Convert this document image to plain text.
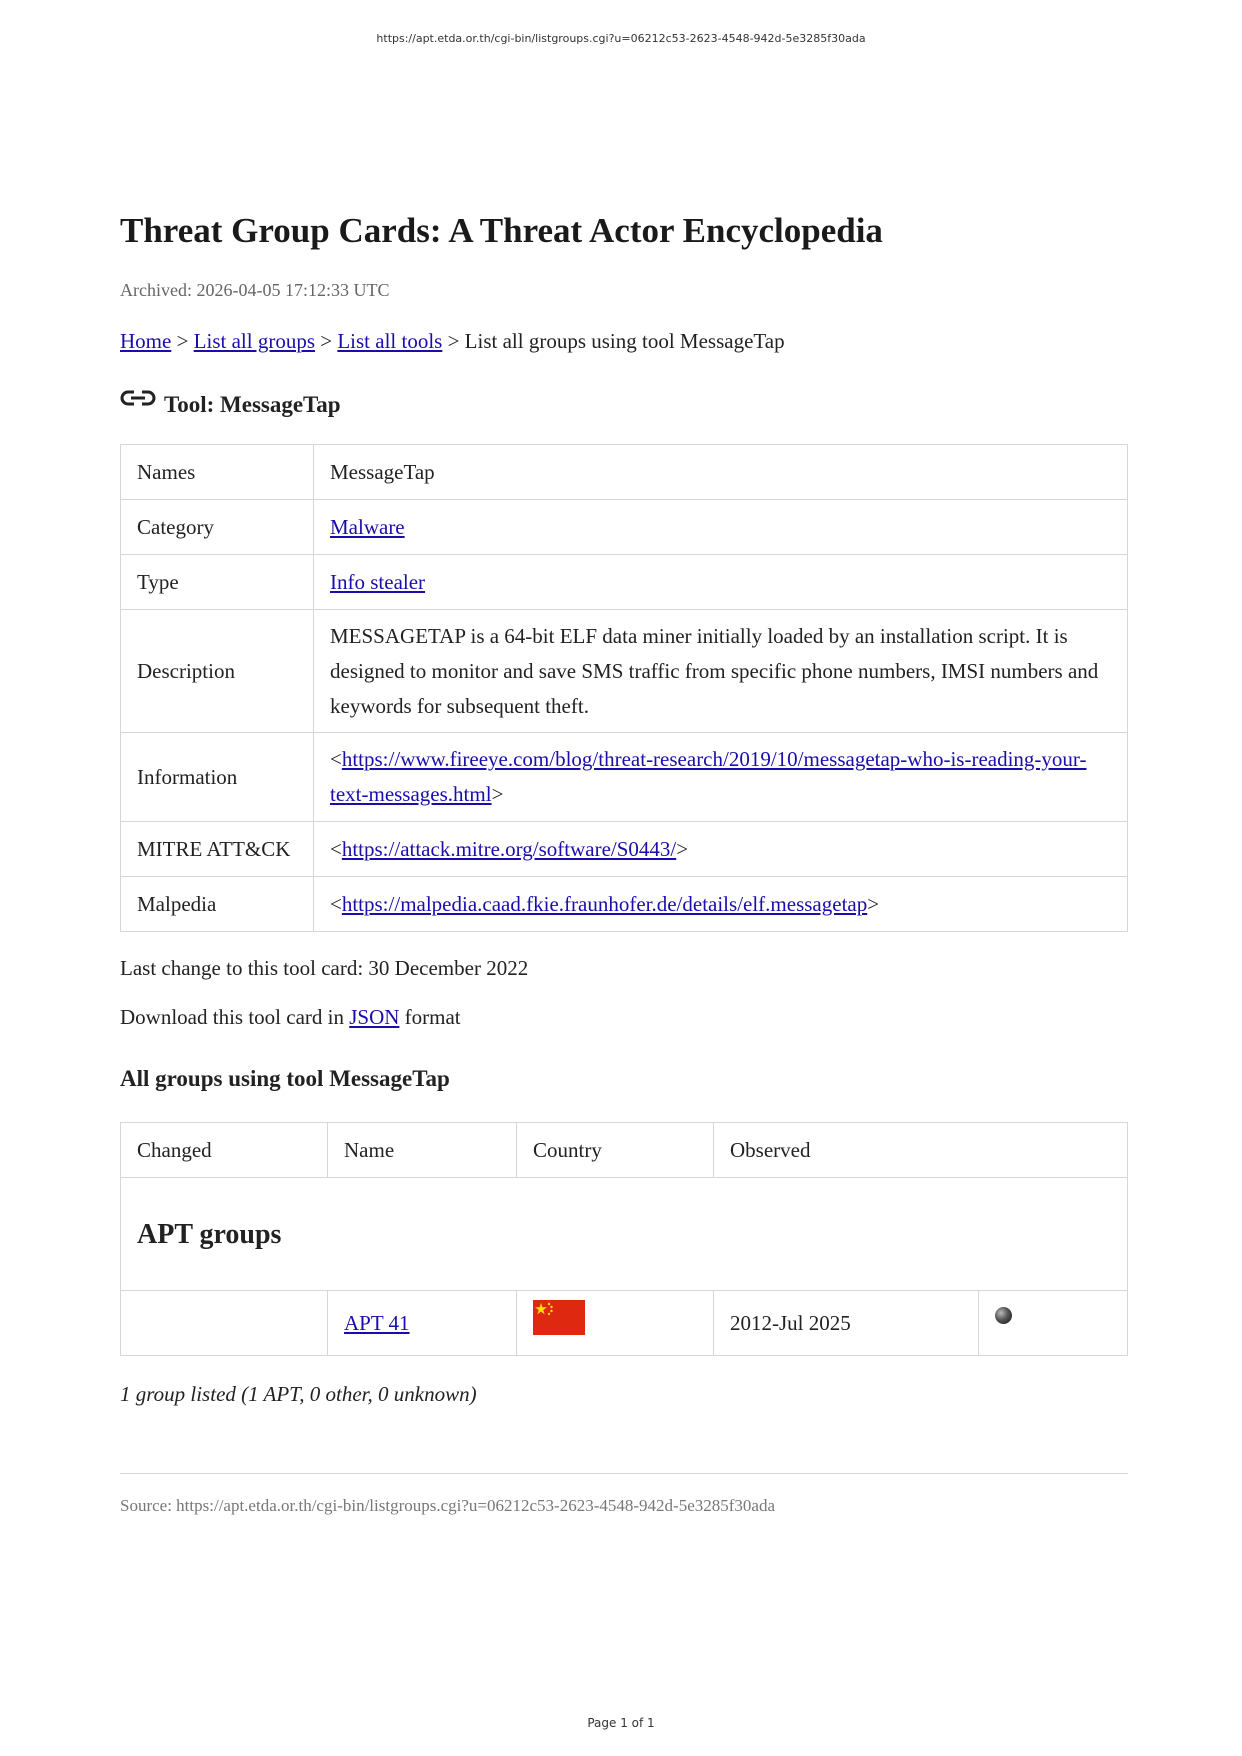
https://apt.etda.or.th/cgi-bin/listgroups.cgi?u=06212c53-2623-4548-942d-5e3285f30ada
Threat Group Cards: A Threat Actor Encyclopedia
Archived: 2026-04-05 17:12:33 UTC
Home > List all groups > List all tools > List all groups using tool MessageTap
Tool: MessageTap
Names	MessageTap
Category	Malware
Type	Info stealer
Description	MESSAGETAP is a 64-bit ELF data miner initially loaded by an installation script. It is designed to monitor and save SMS traffic from specific phone numbers, IMSI numbers and keywords for subsequent theft.
Information	<https://www.fireeye.com/blog/threat-research/2019/10/messagetap-who-is-reading-your-text-messages.html>
MITRE ATT&CK	<https://attack.mitre.org/software/S0443/>
Malpedia	<https://malpedia.caad.fkie.fraunhofer.de/details/elf.messagetap>
Last change to this tool card: 30 December 2022
Download this tool card in JSON format
All groups using tool MessageTap
Changed	Name	Country	Observed	
APT groups				
	APT 41		2012-Jul 2025	
1 group listed (1 APT, 0 other, 0 unknown)
Source: https://apt.etda.or.th/cgi-bin/listgroups.cgi?u=06212c53-2623-4548-942d-5e3285f30ada
Page 1 of 1
